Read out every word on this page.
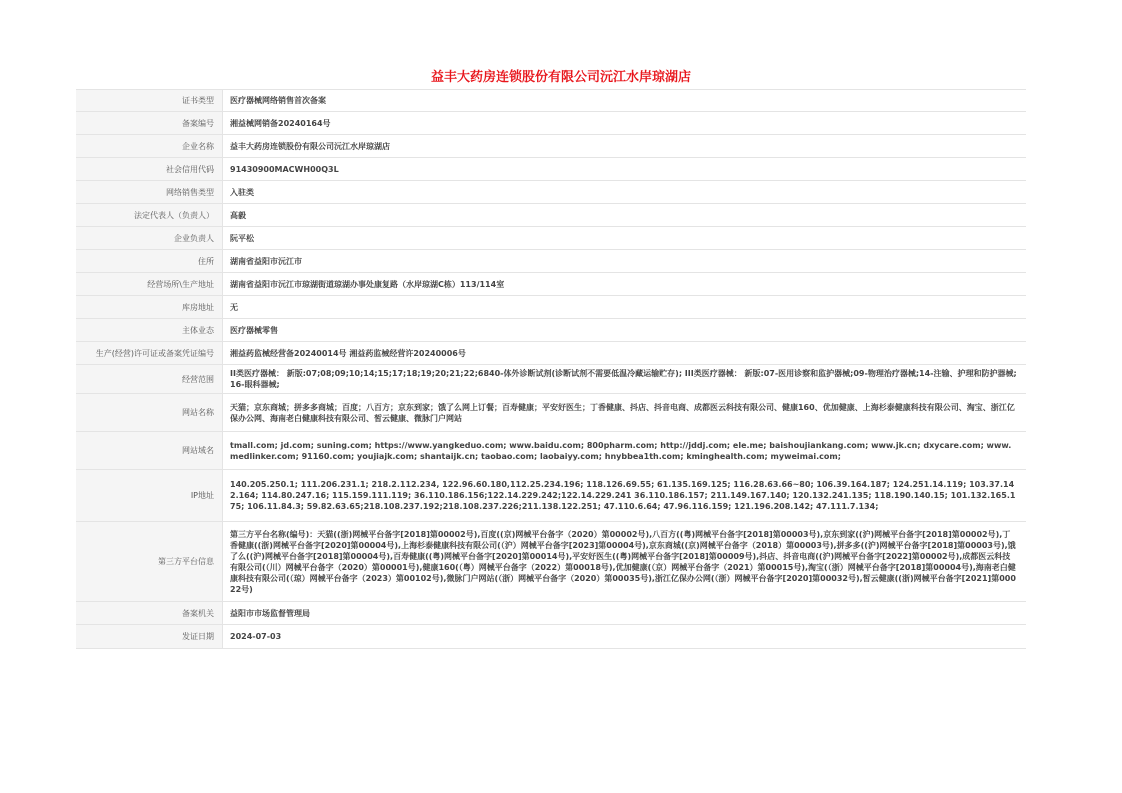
益丰大药房连锁股份有限公司沅江水岸琼湖店
证书类型	医疗器械网络销售首次备案
备案编号	湘益械网销备20240164号
企业名称	益丰大药房连锁股份有限公司沅江水岸琼湖店
社会信用代码	91430900MACWH00Q3L
网络销售类型	入驻类
法定代表人（负责人）	高毅
企业负责人	阮平松
住所	湖南省益阳市沅江市
经营场所\生产地址	湖南省益阳市沅江市琼湖街道琼湖办事处康复路（水岸琼湖C栋）113/114室
库房地址	无
主体业态	医疗器械零售
生产(经营)许可证或备案凭证编号	湘益药监械经营备20240014号 湘益药监械经营许20240006号
经营范围	II类医疗器械： 新版:07;08;09;10;14;15;17;18;19;20;21;22;6840-体外诊断试剂(诊断试剂不需要低温冷藏运输贮存); III类医疗器械： 新版:07-医用诊察和监护器械;09-物理治疗器械;14-注输、护理和防护器械;16-眼科器械;
网站名称	天猫；京东商城；拼多多商城；百度；八百方；京东到家；饿了么网上订餐；百寿健康；平安好医生；丁香健康、抖店、抖音电商、成都医云科技有限公司、健康160、优加健康、上海杉泰健康科技有限公司、淘宝、浙江亿保办公网、海南老白健康科技有限公司、皙云健康、微脉门户网站
网站域名	tmall.com; jd.com; suning.com; https://www.yangkeduo.com; www.baidu.com; 800pharm.com; http://jddj.com; ele.me; baishoujiankang.com; www.jk.cn; dxycare.com; www.medlinker.com; 91160.com; youjiajk.com; shantaijk.cn; taobao.com; laobaiyy.com; hnybbea1th.com; kminghealth.com; myweimai.com;
IP地址	140.205.250.1; 111.206.231.1; 218.2.112.234, 122.96.60.180,112.25.234.196; 118.126.69.55; 61.135.169.125; 116.28.63.66~80; 106.39.164.187; 124.251.14.119; 103.37.142.164; 114.80.247.16; 115.159.111.119; 36.110.186.156;122.14.229.242;122.14.229.241 36.110.186.157; 211.149.167.140; 120.132.241.135; 118.190.140.15; 101.132.165.175; 106.11.84.3; 59.82.63.65;218.108.237.192;218.108.237.226;211.138.122.251; 47.110.6.64; 47.96.116.159; 121.196.208.142; 47.111.7.134;
第三方平台信息	第三方平台名称(编号)：天猫((浙)网械平台备字[2018]第00002号),百度((京)网械平台备字（2020）第00002号),八百方((粤)网械平台备字[2018]第00003号),京东到家((沪)网械平台备字[2018]第00002号),丁香健康((浙)网械平台备字[2020]第00004号),上海杉泰健康科技有限公司(（沪）网械平台备字[2023]第00004号),京东商城((京)网械平台备字（2018）第00003号),拼多多((沪)网械平台备字[2018]第00003号),饿了么((沪)网械平台备字[2018]第00004号),百寿健康((粤)网械平台备字[2020]第00014号),平安好医生((粤)网械平台备字[2018]第00009号),抖店、抖音电商((沪)网械平台备字[2022]第00002号),成都医云科技有限公司(（川）网械平台备字（2020）第00001号),健康160(（粤）网械平台备字（2022）第00018号),优加健康(（京）网械平台备字（2021）第00015号),淘宝(（浙）网械平台备字[2018]第00004号),海南老白健康科技有限公司(（琼）网械平台备字（2023）第00102号),微脉门户网站(（浙）网械平台备字（2020）第00035号),浙江亿保办公网(（浙）网械平台备字[2020]第00032号),皙云健康((浙)网械平台备字[2021]第00022号)
备案机关	益阳市市场监督管理局
发证日期	2024-07-03
